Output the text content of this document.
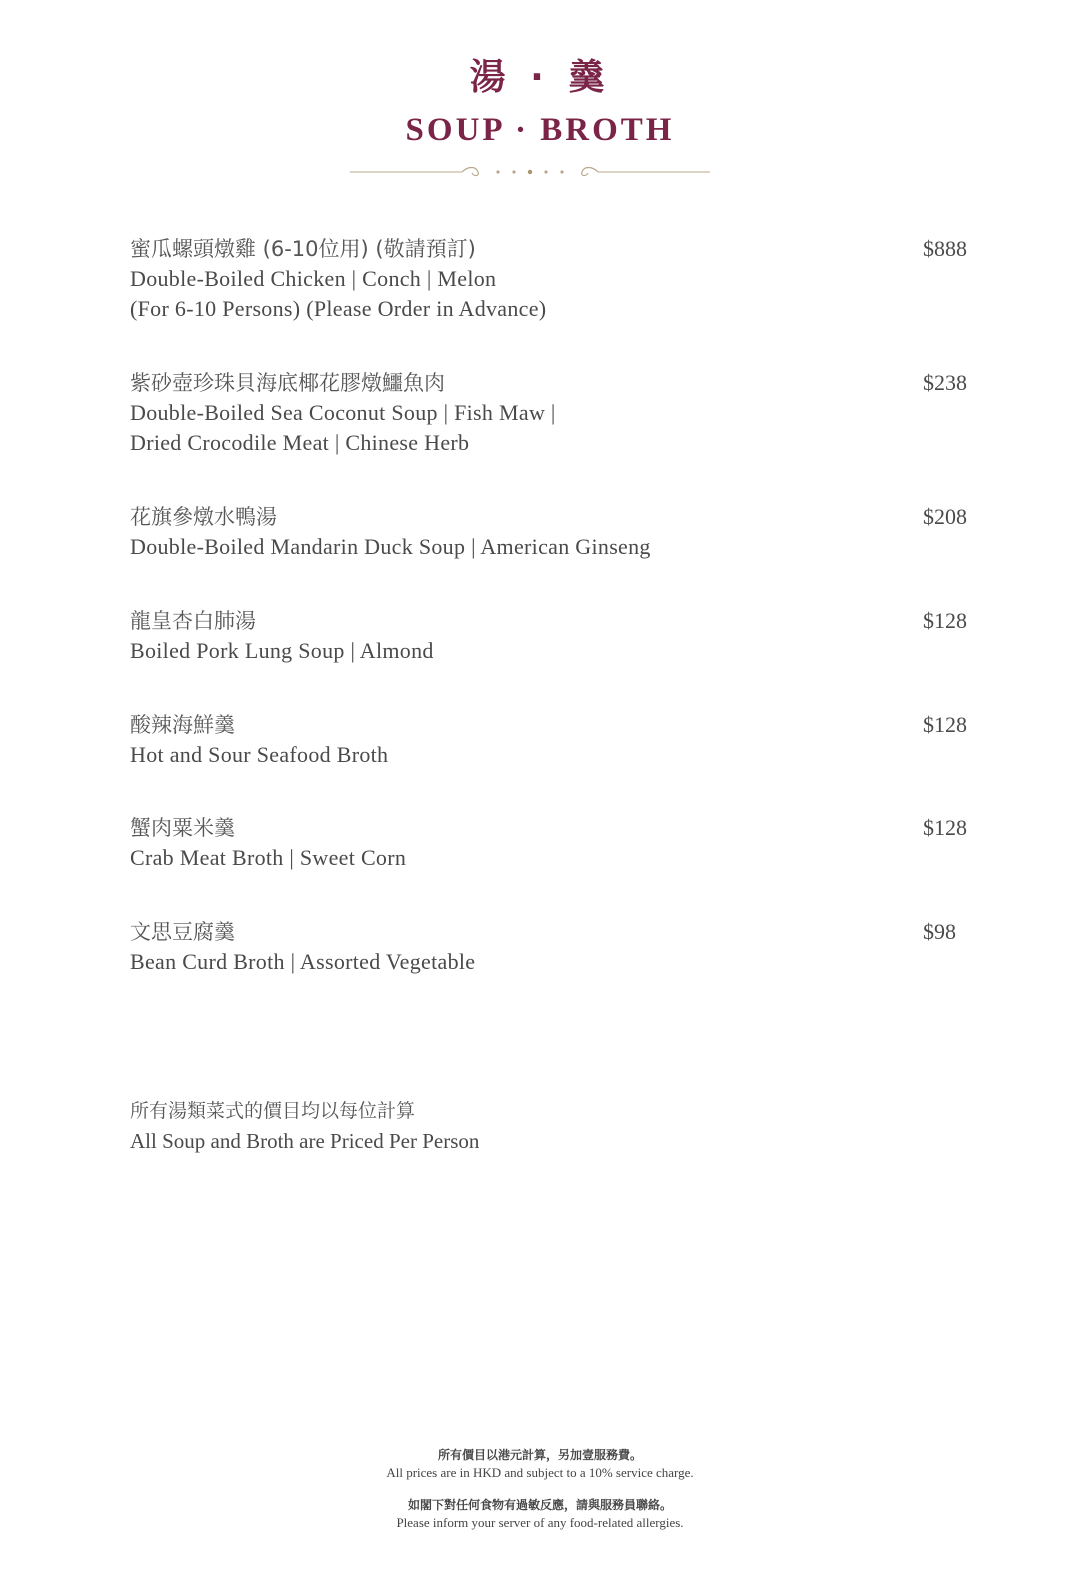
湯 · 羹
SOUP · BROTH
蜜瓜螺頭燉雞 (6-10位用) (敬請預訂)
Double-Boiled Chicken | Conch | Melon
(For 6-10 Persons) (Please Order in Advance)
$888
紫砂壺珍珠貝海底椰花膠燉鱷魚肉
Double-Boiled Sea Coconut Soup | Fish Maw |
Dried Crocodile Meat | Chinese Herb
$238
花旗參燉水鴨湯
Double-Boiled Mandarin Duck Soup | American Ginseng
$208
龍皇杏白肺湯
Boiled Pork Lung Soup | Almond
$128
酸辣海鮮羹
Hot and Sour Seafood Broth
$128
蟹肉粟米羹
Crab Meat Broth | Sweet Corn
$128
文思豆腐羹
Bean Curd Broth | Assorted Vegetable
$98
所有湯類菜式的價目均以每位計算
All Soup and Broth are Priced Per Person
所有價目以港元計算，另加壹服務費。
All prices are in HKD and subject to a 10% service charge.
如閣下對任何食物有過敏反應，請與服務員聯絡。
Please inform your server of any food-related allergies.
